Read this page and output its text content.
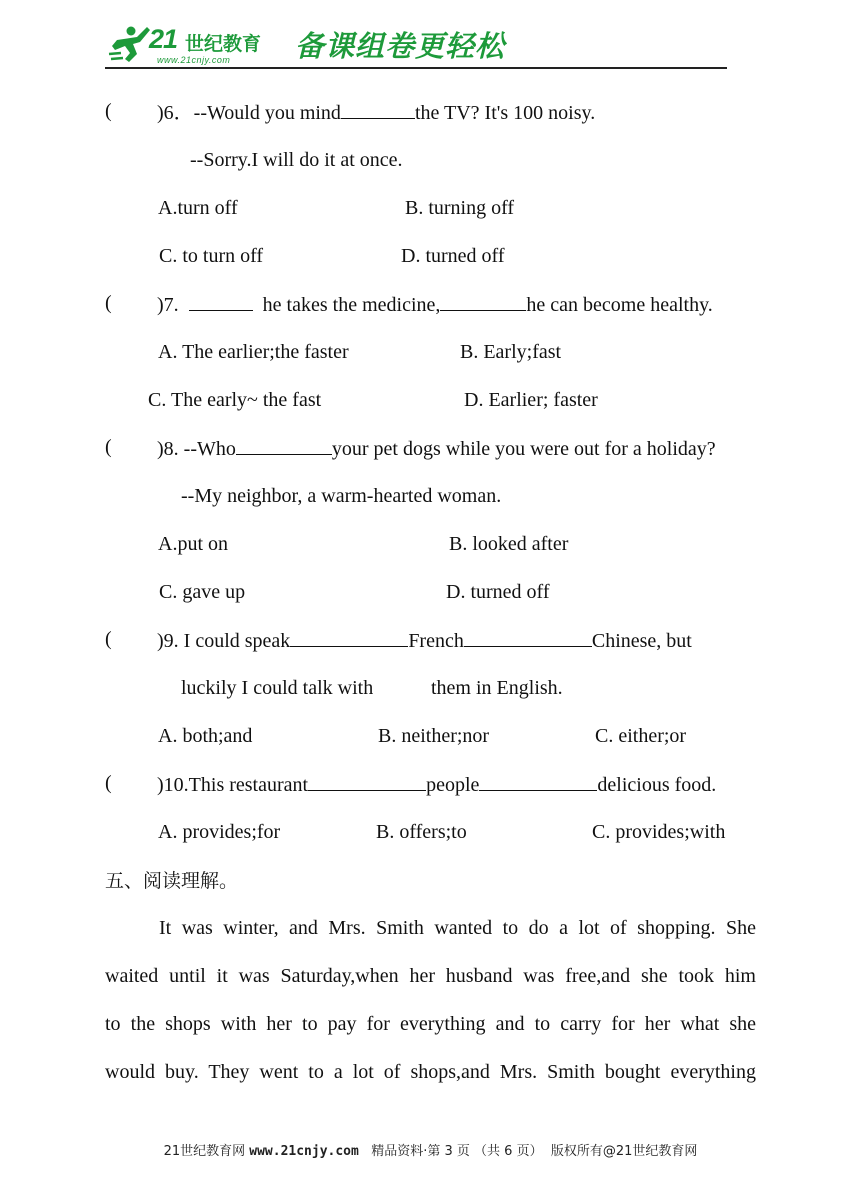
21 世纪教育
www.21cnjy.com 备课组卷更轻松
( )6．--Would you mind	the TV? It's 100 noisy.
--Sorry.I will do it at once.
A.turn off	B. turning off
C. to turn off	D. turned off
( )7.	he takes the medicine,	he can become healthy.
A. The earlier;the faster	B. Early;fast
C. The early~ the fast	D. Earlier; faster
( )8. --Who	your pet dogs while you were out for a holiday?
--My neighbor, a warm-hearted woman.
A.put on	B. looked after
C. gave up	D. turned off
( )9. I could speak	French	Chinese, but
luckily I could talk with	them in English.
A. both;and	B. neither;nor	C. either;or
( )10.This restaurant	people	delicious food.
A. provides;for	B. offers;to	C. provides;with
五、阅读理解。
It was winter, and Mrs. Smith wanted to do a lot of shopping. She
waited until it was Saturday,when her husband was free,and she took him
to the shops with her to pay for everything and to carry for her what she
would buy. They went to a lot of shops,and Mrs. Smith bought everything
21世纪教育网 www.21cnjy.com 精品资料·第 3 页 （共 6 页） 版权所有@21世纪教育网
